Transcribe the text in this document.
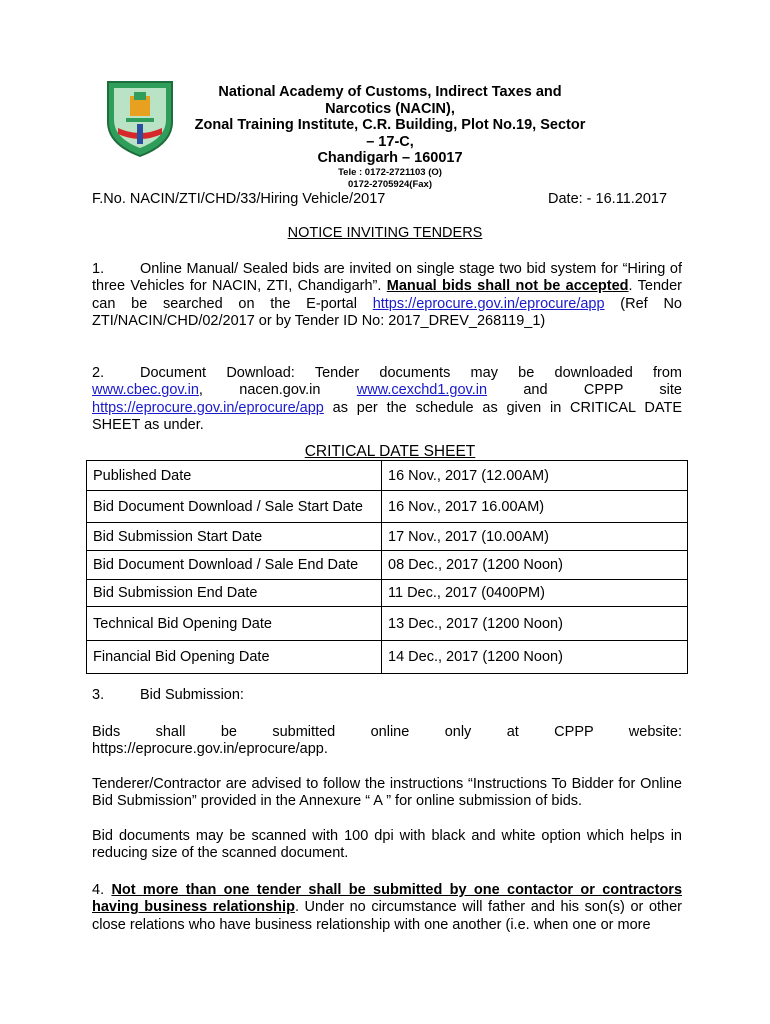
National Academy of Customs, Indirect Taxes and Narcotics (NACIN),
Zonal Training Institute, C.R. Building, Plot No.19, Sector – 17-C,
Chandigarh – 160017
Tele : 0172-2721103 (O)
0172-2705924(Fax)
F.No. NACIN/ZTI/CHD/33/Hiring Vehicle/2017	Date: - 16.11.2017
NOTICE INVITING TENDERS
1. Online Manual/ Sealed bids are invited on single stage two bid system for “Hiring of three Vehicles for NACIN, ZTI, Chandigarh”. Manual bids shall not be accepted. Tender can be searched on the E-portal https://eprocure.gov.in/eprocure/app (Ref No ZTI/NACIN/CHD/02/2017 or by Tender ID No: 2017_DREV_268119_1)
2. Document Download: Tender documents may be downloaded from www.cbec.gov.in, nacen.gov.in www.cexchd1.gov.in and CPPP site https://eprocure.gov.in/eprocure/app as per the schedule as given in CRITICAL DATE SHEET as under.
CRITICAL DATE SHEET
Published Date	16 Nov., 2017 (12.00AM)
Bid Document Download / Sale Start Date	16 Nov., 2017 16.00AM)
Bid Submission Start Date	17 Nov., 2017 (10.00AM)
Bid Document Download / Sale End Date	08 Dec., 2017 (1200 Noon)
Bid Submission End Date	11 Dec., 2017 (0400PM)
Technical Bid Opening Date	13 Dec., 2017 (1200 Noon)
Financial Bid Opening Date	14 Dec., 2017 (1200 Noon)
3. Bid Submission:
Bids shall be submitted online only at CPPP website:
https://eprocure.gov.in/eprocure/app.
Tenderer/Contractor are advised to follow the instructions “Instructions To Bidder for Online Bid Submission” provided in the Annexure “ A ” for online submission of bids.
Bid documents may be scanned with 100 dpi with black and white option which helps in reducing size of the scanned document.
4. Not more than one tender shall be submitted by one contactor or contractors having business relationship. Under no circumstance will father and his son(s) or other close relations who have business relationship with one another (i.e. when one or more
